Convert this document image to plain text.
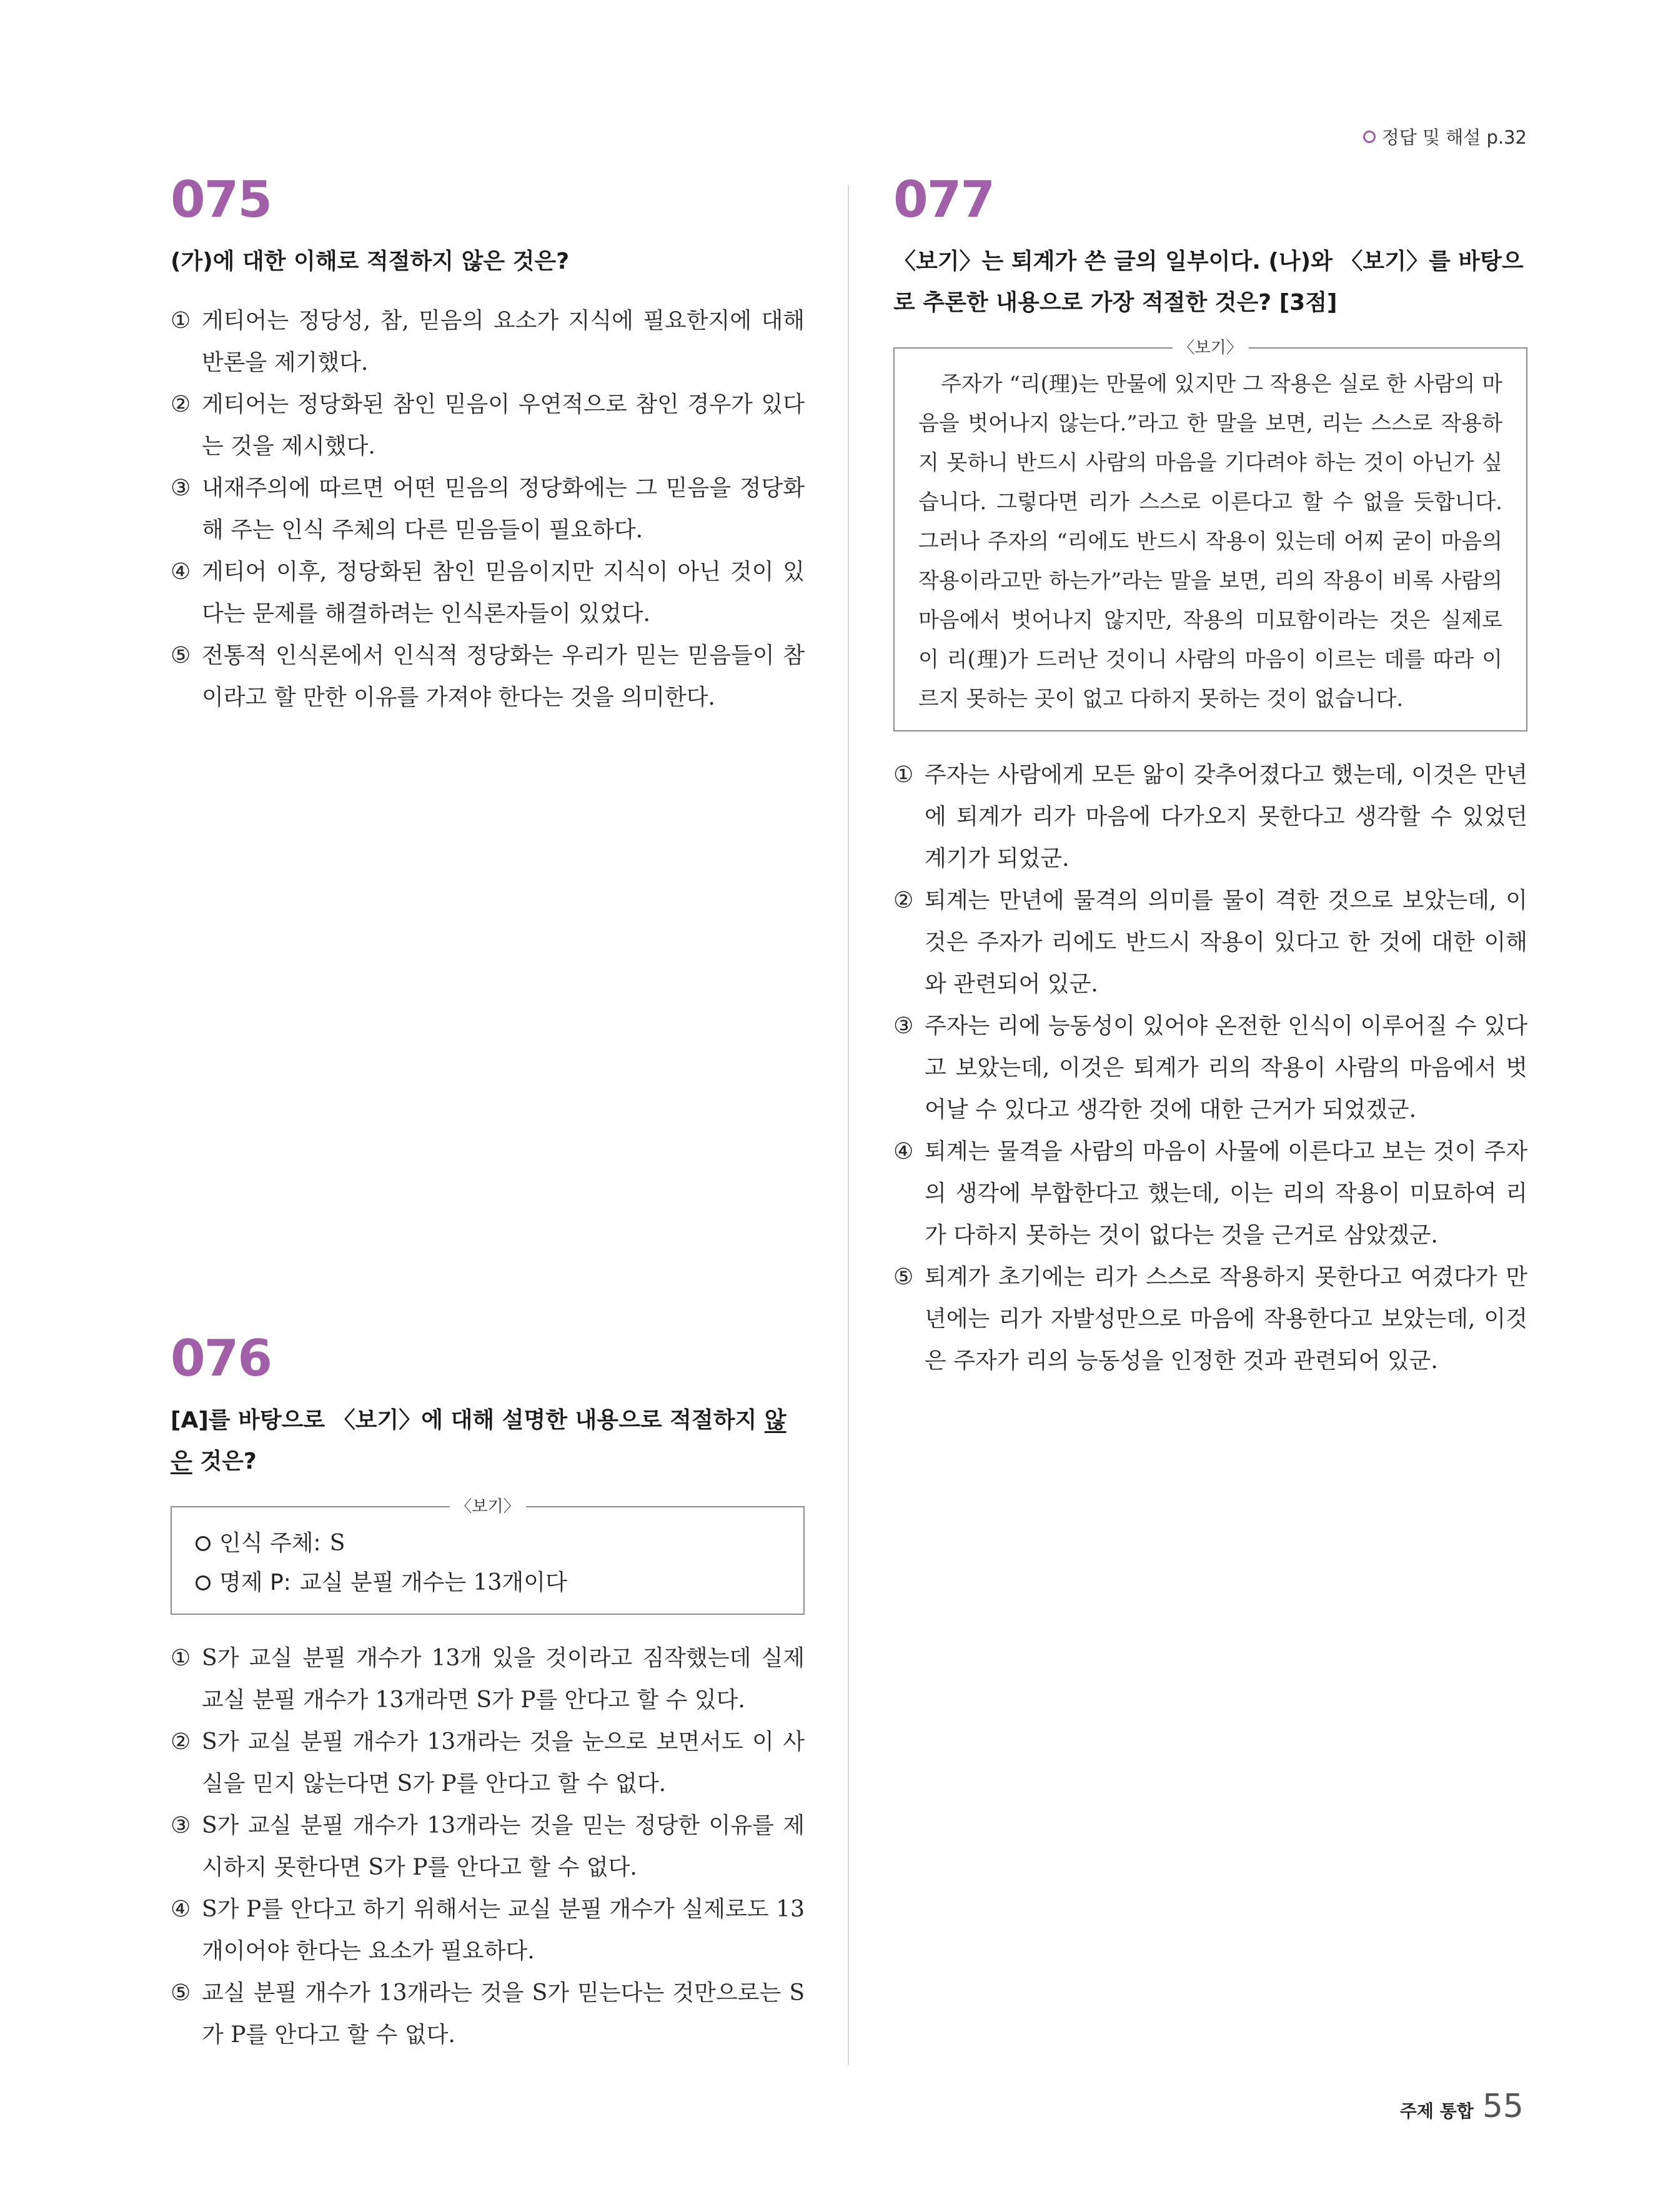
정답 및 해설 p.32
075
(가)에 대한 이해로 적절하지 않은 것은?
① 게티어는 정당성, 참, 믿음의 요소가 지식에 필요한지에 대해 반론을 제기했다.
② 게티어는 정당화된 참인 믿음이 우연적으로 참인 경우가 있다는 것을 제시했다.
③ 내재주의에 따르면 어떤 믿음의 정당화에는 그 믿음을 정당화해 주는 인식 주체의 다른 믿음들이 필요하다.
④ 게티어 이후, 정당화된 참인 믿음이지만 지식이 아닌 것이 있다는 문제를 해결하려는 인식론자들이 있었다.
⑤ 전통적 인식론에서 인식적 정당화는 우리가 믿는 믿음들이 참이라고 할 만한 이유를 가져야 한다는 것을 의미한다.
076
[A]를 바탕으로 〈보기〉에 대해 설명한 내용으로 적절하지 않은 것은?
〈보기〉
인식 주체: S
명제 P: 교실 분필 개수는 13개이다
① S가 교실 분필 개수가 13개 있을 것이라고 짐작했는데 실제 교실 분필 개수가 13개라면 S가 P를 안다고 할 수 있다.
② S가 교실 분필 개수가 13개라는 것을 눈으로 보면서도 이 사실을 믿지 않는다면 S가 P를 안다고 할 수 없다.
③ S가 교실 분필 개수가 13개라는 것을 믿는 정당한 이유를 제시하지 못한다면 S가 P를 안다고 할 수 없다.
④ S가 P를 안다고 하기 위해서는 교실 분필 개수가 실제로도 13개이어야 한다는 요소가 필요하다.
⑤ 교실 분필 개수가 13개라는 것을 S가 믿는다는 것만으로는 S가 P를 안다고 할 수 없다.
077
〈보기〉는 퇴계가 쓴 글의 일부이다. (나)와 〈보기〉를 바탕으로 추론한 내용으로 가장 적절한 것은? [3점]
〈보기〉
주자가 “리(理)는 만물에 있지만 그 작용은 실로 한 사람의 마음을 벗어나지 않는다.”라고 한 말을 보면, 리는 스스로 작용하지 못하니 반드시 사람의 마음을 기다려야 하는 것이 아닌가 싶습니다. 그렇다면 리가 스스로 이른다고 할 수 없을 듯합니다. 그러나 주자의 “리에도 반드시 작용이 있는데 어찌 굳이 마음의 작용이라고만 하는가”라는 말을 보면, 리의 작용이 비록 사람의 마음에서 벗어나지 않지만, 작용의 미묘함이라는 것은 실제로 이 리(理)가 드러난 것이니 사람의 마음이 이르는 데를 따라 이르지 못하는 곳이 없고 다하지 못하는 것이 없습니다.
① 주자는 사람에게 모든 앎이 갖추어졌다고 했는데, 이것은 만년에 퇴계가 리가 마음에 다가오지 못한다고 생각할 수 있었던 계기가 되었군.
② 퇴계는 만년에 물격의 의미를 물이 격한 것으로 보았는데, 이것은 주자가 리에도 반드시 작용이 있다고 한 것에 대한 이해와 관련되어 있군.
③ 주자는 리에 능동성이 있어야 온전한 인식이 이루어질 수 있다고 보았는데, 이것은 퇴계가 리의 작용이 사람의 마음에서 벗어날 수 있다고 생각한 것에 대한 근거가 되었겠군.
④ 퇴계는 물격을 사람의 마음이 사물에 이른다고 보는 것이 주자의 생각에 부합한다고 했는데, 이는 리의 작용이 미묘하여 리가 다하지 못하는 것이 없다는 것을 근거로 삼았겠군.
⑤ 퇴계가 초기에는 리가 스스로 작용하지 못한다고 여겼다가 만년에는 리가 자발성만으로 마음에 작용한다고 보았는데, 이것은 주자가 리의 능동성을 인정한 것과 관련되어 있군.
주제 통합 55
